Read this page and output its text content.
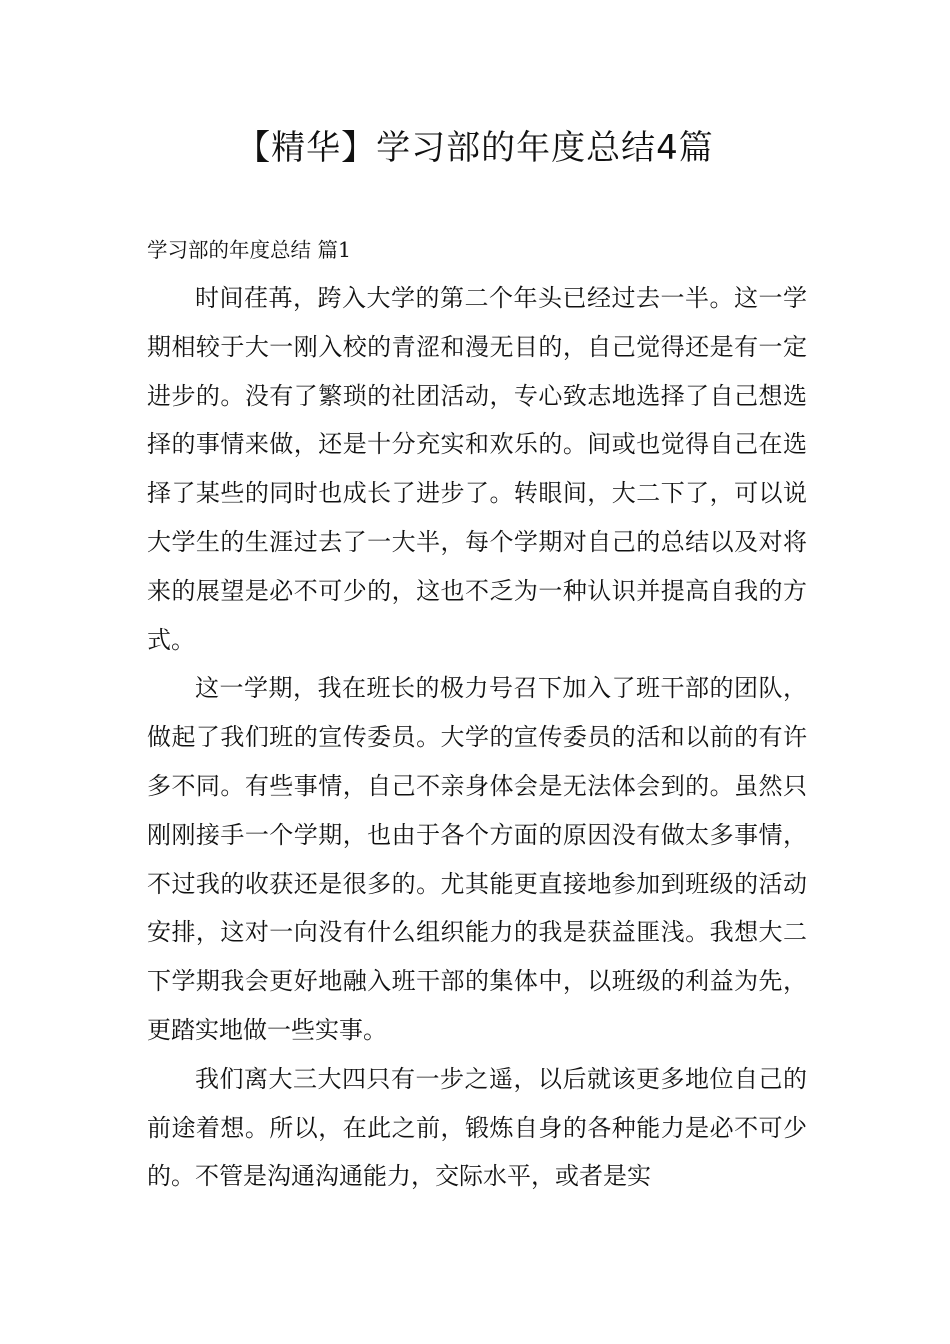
【精华】学习部的年度总结4篇

学习部的年度总结 篇1

时间荏苒，跨入大学的第二个年头已经过去一半。这一学期相较于大一刚入校的青涩和漫无目的，自己觉得还是有一定进步的。没有了繁琐的社团活动，专心致志地选择了自己想选择的事情来做，还是十分充实和欢乐的。间或也觉得自己在选择了某些的同时也成长了进步了。转眼间，大二下了，可以说大学生的生涯过去了一大半，每个学期对自己的总结以及对将来的展望是必不可少的，这也不乏为一种认识并提高自我的方式。

这一学期，我在班长的极力号召下加入了班干部的团队，做起了我们班的宣传委员。大学的宣传委员的活和以前的有许多不同。有些事情，自己不亲身体会是无法体会到的。虽然只刚刚接手一个学期，也由于各个方面的原因没有做太多事情，不过我的收获还是很多的。尤其能更直接地参加到班级的活动安排，这对一向没有什么组织能力的我是获益匪浅。我想大二下学期我会更好地融入班干部的集体中，以班级的利益为先，更踏实地做一些实事。

我们离大三大四只有一步之遥，以后就该更多地位自己的前途着想。所以，在此之前，锻炼自身的各种能力是必不可少的。不管是沟通沟通能力，交际水平，或者是实
